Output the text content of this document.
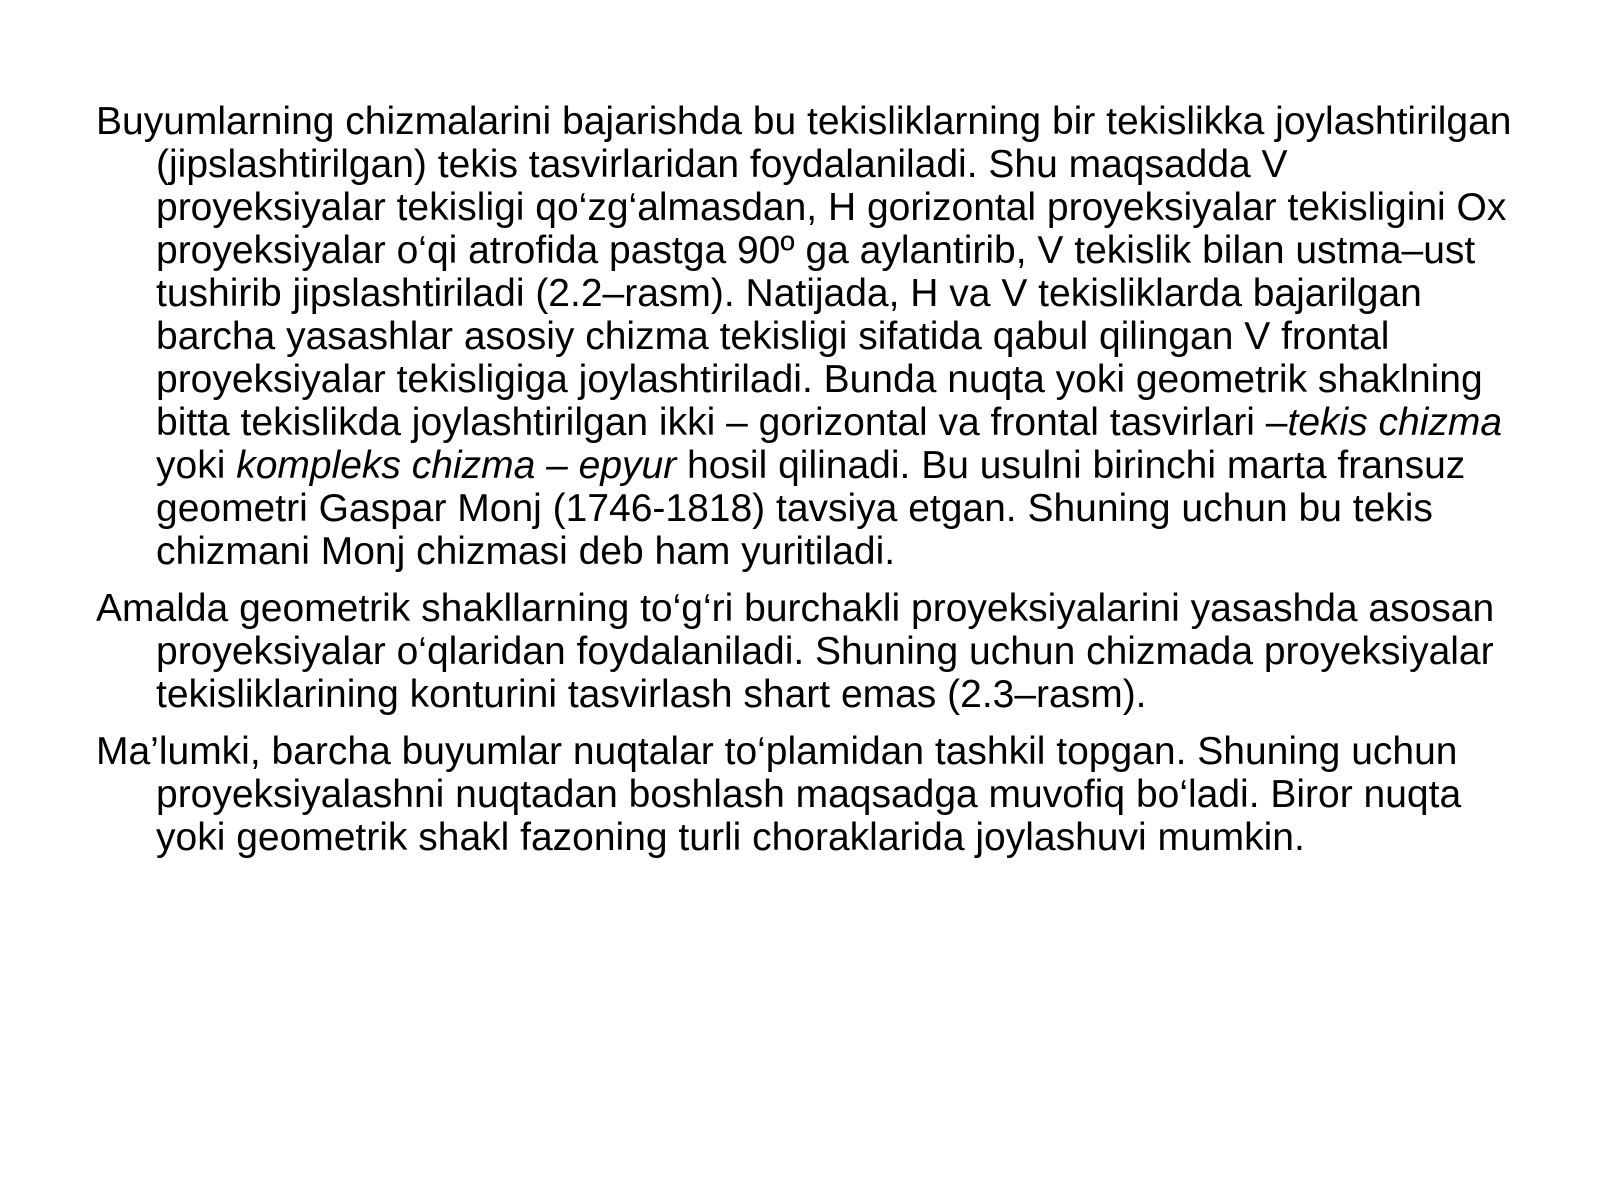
Buyumlarning chizmalarini bajarishda bu tekisliklarning bir tekislikka joylashtirilgan (jipslashtirilgan) tekis tasvirlaridan foydalaniladi. Shu maqsadda V proyeksiyalar tekisligi qo‘zg‘almasdan, H gorizontal proyeksiyalar tekisligini Ox proyeksiyalar o‘qi atrofida pastga 90º ga aylantirib, V tekislik bilan ustma–ust tushirib jipslashtiriladi (2.2–rasm). Natijada, H va V tekisliklarda bajarilgan barcha yasashlar asosiy chizma tekisligi sifatida qabul qilingan V frontal proyeksiyalar tekisligiga joylashtiriladi. Bunda nuqta yoki geometrik shaklning bitta tekislikda joylashtirilgan ikki – gorizontal va frontal tasvirlari –tekis chizma yoki kompleks chizma – epyur hosil qilinadi. Bu usulni birinchi marta fransuz geometri Gaspar Monj (1746-1818) tavsiya etgan. Shuning uchun bu tekis chizmani Monj chizmasi deb ham yuritiladi.

Amalda geometrik shakllarning to‘g‘ri burchakli proyeksiyalarini yasashda asosan proyeksiyalar o‘qlaridan foydalaniladi. Shuning uchun chizmada proyeksiyalar tekisliklarining konturini tasvirlash shart emas (2.3–rasm).

Ma’lumki, barcha buyumlar nuqtalar to‘plamidan tashkil topgan. Shuning uchun proyeksiyalashni nuqtadan boshlash maqsadga muvofiq bo‘ladi. Biror nuqta yoki geometrik shakl fazoning turli choraklarida joylashuvi mumkin.
